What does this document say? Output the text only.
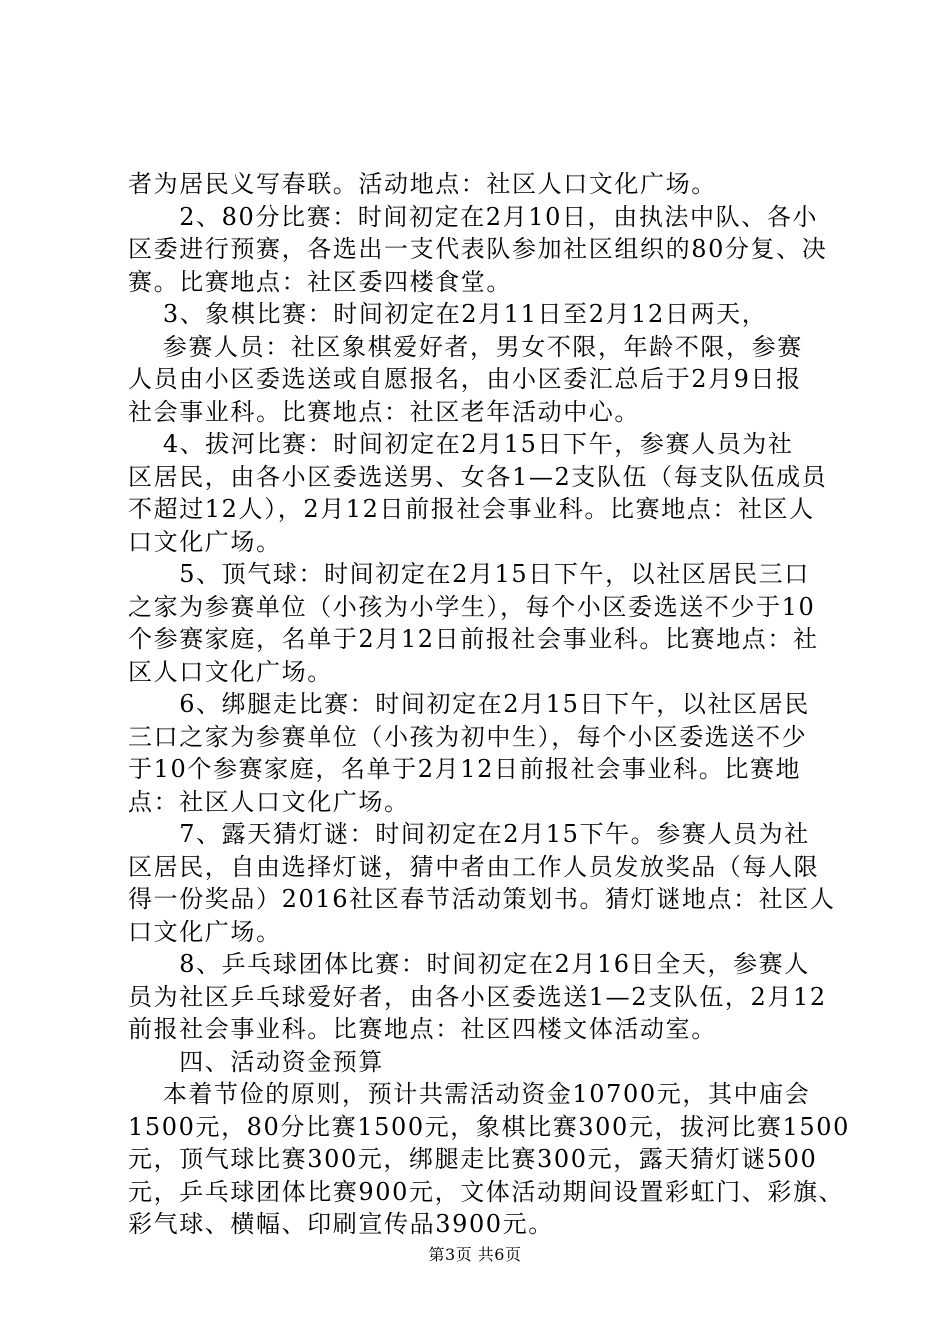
者为居民义写春联。活动地点：社区人口文化广场。
　　2、80分比赛：时间初定在2月10日，由执法中队、各小
区委进行预赛，各选出一支代表队参加社区组织的80分复、决
赛。比赛地点：社区委四楼食堂。
　 3、象棋比赛：时间初定在2月11日至2月12日两天，
　 参赛人员：社区象棋爱好者，男女不限，年龄不限，参赛
人员由小区委选送或自愿报名，由小区委汇总后于2月9日报
社会事业科。比赛地点：社区老年活动中心。
　 4、拔河比赛：时间初定在2月15日下午，参赛人员为社
区居民，由各小区委选送男、女各1—2支队伍（每支队伍成员
不超过12人），2月12日前报社会事业科。比赛地点：社区人
口文化广场。
　　5、顶气球：时间初定在2月15日下午，以社区居民三口
之家为参赛单位（小孩为小学生），每个小区委选送不少于10
个参赛家庭，名单于2月12日前报社会事业科。比赛地点：社
区人口文化广场。
　　6、绑腿走比赛：时间初定在2月15日下午，以社区居民
三口之家为参赛单位（小孩为初中生），每个小区委选送不少
于10个参赛家庭，名单于2月12日前报社会事业科。比赛地
点：社区人口文化广场。
　　7、露天猜灯谜：时间初定在2月15下午。参赛人员为社
区居民，自由选择灯谜，猜中者由工作人员发放奖品（每人限
得一份奖品）2016社区春节活动策划书。猜灯谜地点：社区人
口文化广场。
　　8、乒乓球团体比赛：时间初定在2月16日全天，参赛人
员为社区乒乓球爱好者，由各小区委选送1—2支队伍，2月12
前报社会事业科。比赛地点：社区四楼文体活动室。
　　四、活动资金预算
　 本着节俭的原则，预计共需活动资金10700元，其中庙会
1500元，80分比赛1500元，象棋比赛300元，拔河比赛1500
元，顶气球比赛300元，绑腿走比赛300元，露天猜灯谜500
元，乒乓球团体比赛900元，文体活动期间设置彩虹门、彩旗、
彩气球、横幅、印刷宣传品3900元。
第3页 共6页
